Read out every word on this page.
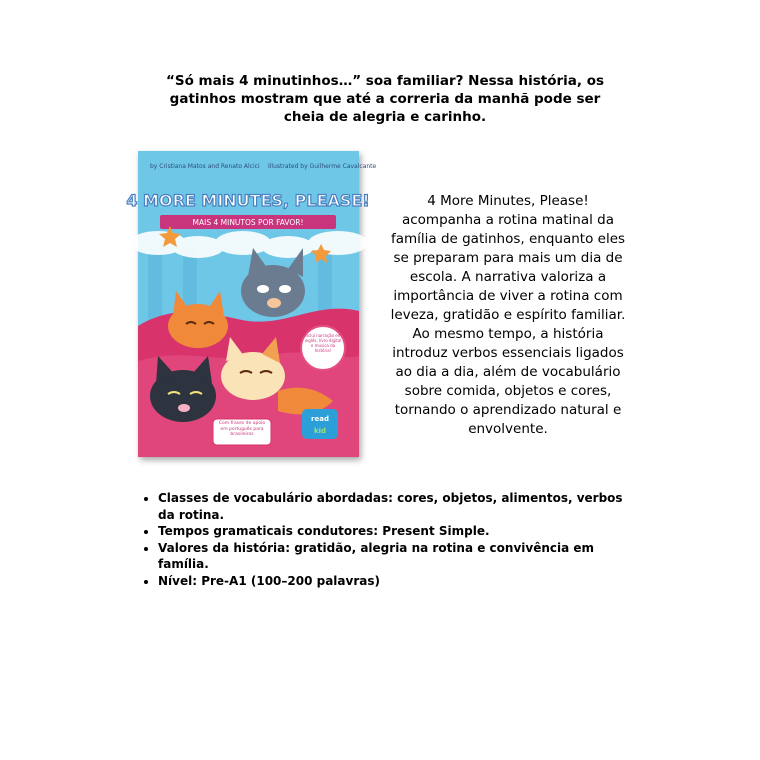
“Só mais 4 minutinhos…” soa familiar? Nessa história, os gatinhos mostram que até a correria da manhã pode ser cheia de alegria e carinho.
by Cristiana Matos and Renato Alcici Illustrated by Guilherme Cavalcante
4 MORE MINUTES, PLEASE!
MAIS 4 MINUTOS POR FAVOR!
Inclui narração em inglês, livro digital e música da história!
Com frases de apoio em português para brasileiros
read
kid
4 More Minutes, Please! acompanha a rotina matinal da família de gatinhos, enquanto eles se preparam para mais um dia de escola. A narrativa valoriza a importância de viver a rotina com leveza, gratidão e espírito familiar. Ao mesmo tempo, a história introduz verbos essenciais ligados ao dia a dia, além de vocabulário sobre comida, objetos e cores, tornando o aprendizado natural e envolvente.
• Classes de vocabulário abordadas: cores, objetos, alimentos, verbos da rotina.
• Tempos gramaticais condutores: Present Simple.
• Valores da história: gratidão, alegria na rotina e convivência em família.
• Nível: Pre-A1 (100–200 palavras)
